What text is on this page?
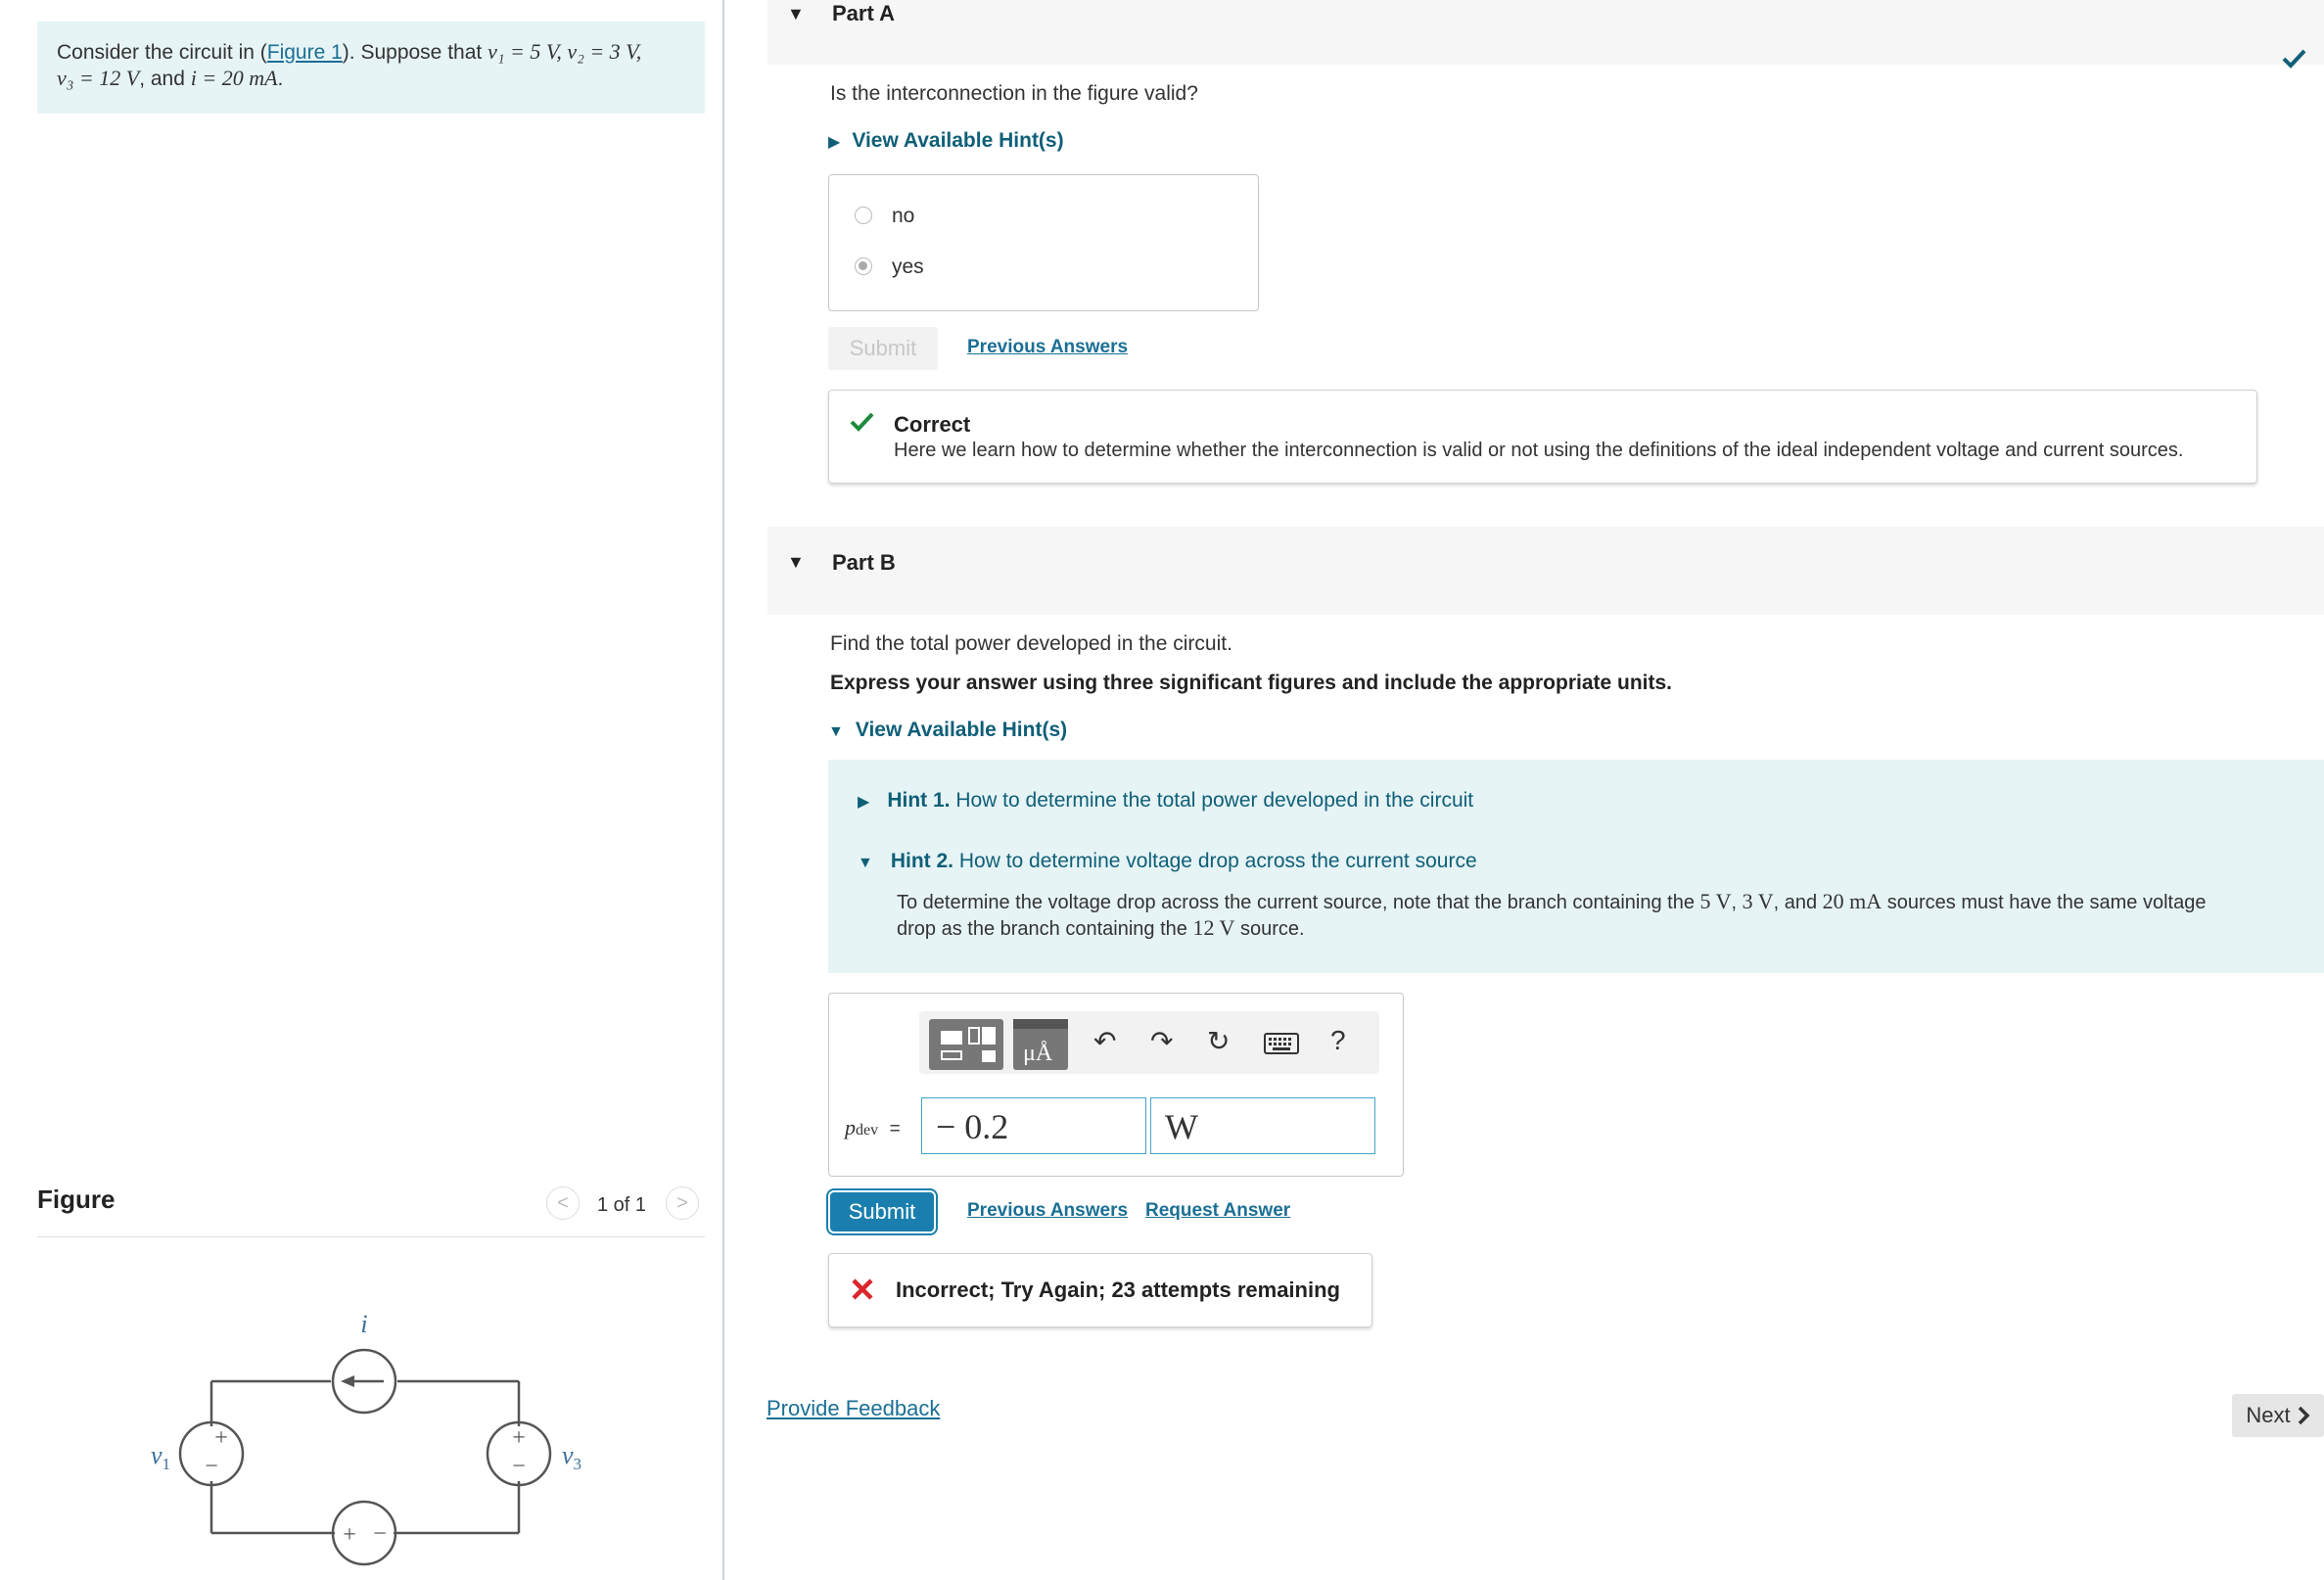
Consider the circuit in (Figure 1). Suppose that v₁ = 5 V, v₂ = 3 V,
v₃ = 12 V, and i = 20 mA.
Figure	< 1 of 1 >
i
+
−
+
−
+ −
$v_1$	$v_3$
▼ Part A
Is the interconnection in the figure valid?
▶ View Available Hint(s)
no
yes
Submit	Previous Answers
Correct
Here we learn how to determine whether the interconnection is valid or not using the definitions of the ideal independent voltage and current sources.
▼ Part B
Find the total power developed in the circuit.
Express your answer using three significant figures and include the appropriate units.
▼ View Available Hint(s)
▶ Hint 1. How to determine the total power developed in the circuit
▼ Hint 2. How to determine voltage drop across the current source
To determine the voltage drop across the current source, note that the branch containing the 5 V, 3 V, and 20 mA sources must have the same voltage
drop as the branch containing the 12 V source.
μÅ ↶ ↷ ↻	?
pdev =	− 0.2	W
Submit	Previous Answers Request Answer
Incorrect; Try Again; 23 attempts remaining
Provide Feedback	Next
